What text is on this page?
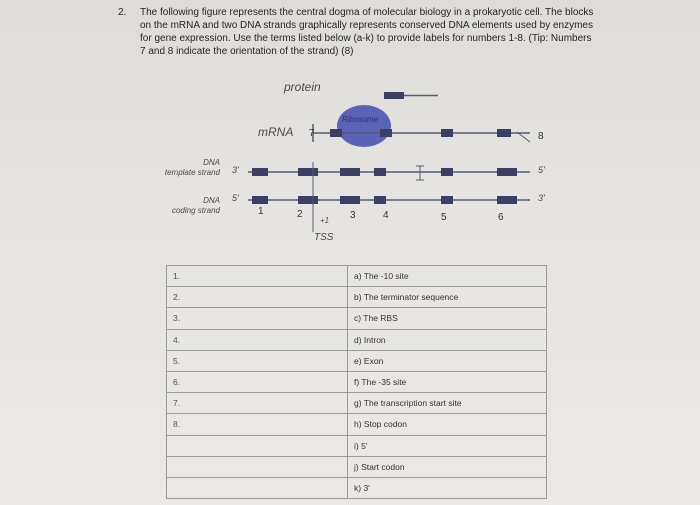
2. The following figure represents the central dogma of molecular biology in a prokaryotic cell. The blocks on the mRNA and two DNA strands graphically represents conserved DNA elements used by enzymes for gene expression. Use the terms listed below (a-k) to provide labels for numbers 1-8. (Tip: Numbers 7 and 8 indicate the orientation of the strand) (8)
protein
Ribosome
mRNA
DNA
template strand 3'	5'
DNA
coding strand
5'	3'
+1
TSS
1	2	3	4	5	6
7	8
1.	a) The -10 site
2.	b) The terminator sequence
3.	c) The RBS
4.	d) Intron
5.	e) Exon
6.	f) The -35 site
7.	g) The transcription start site
8.	h) Stop codon
	i) 5'
	j) Start codon
	k) 3'
